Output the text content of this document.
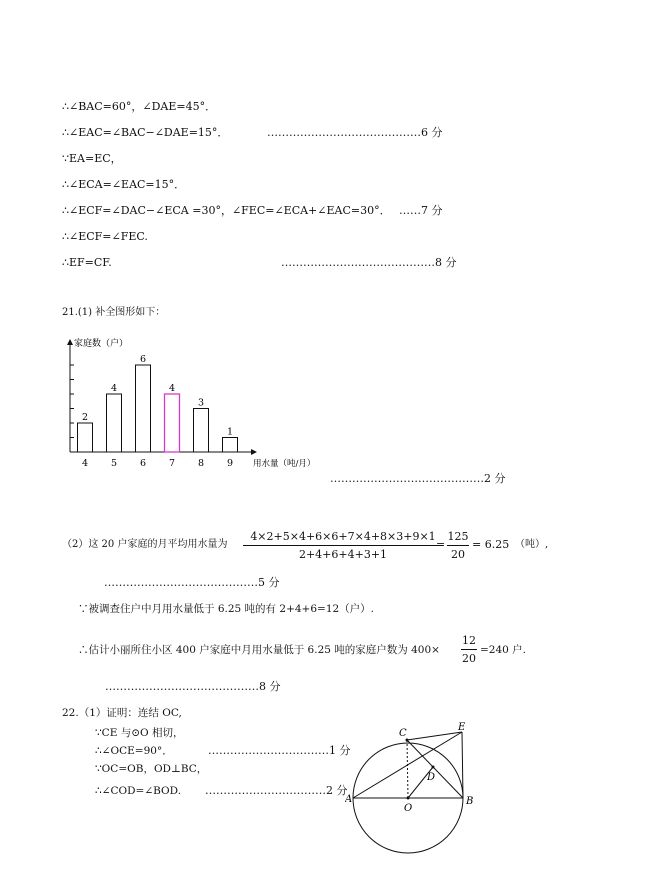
∴∠BAC=60°，∠DAE=45°．
∴∠EAC=∠BAC−∠DAE=15°．	……………………………………6 分
∵EA=EC，
∴∠ECA=∠EAC=15°．
∴∠ECF=∠DAC−∠ECA =30°，∠FEC=∠ECA+∠EAC=30°． ……7 分
∴∠ECF=∠FEC.
∴EF=CF.	……………………………………8 分
21.(1) 补全图形如下：
家庭数（户）
用水量（吨/月）
2
4
4
5
6
6
4
7
3
8
1
9
……………………………………2 分
（2）这 20 户家庭的月平均用水量为
4×2+5×4+6×6+7×4+8×3+9×1
2+4+6+4+3+1
=
125
20
= 6.25 （吨）,
……………………………………5 分
∵被调查住户中月用水量低于 6.25 吨的有 2+4+6=12（户）.
∴估计小丽所住小区 400 户家庭中月用水量低于 6.25 吨的家庭户数为 400×
12
20
=240 户.
……………………………………8 分
22.（1）证明：连结 OC,
∵CE 与⊙O 相切，
∴∠OCE=90°．	……………………………1 分
∵OC=OB，OD⊥BC，
∴∠COD=∠BOD. ……………………………2 分
A	B
C
D
E
O
